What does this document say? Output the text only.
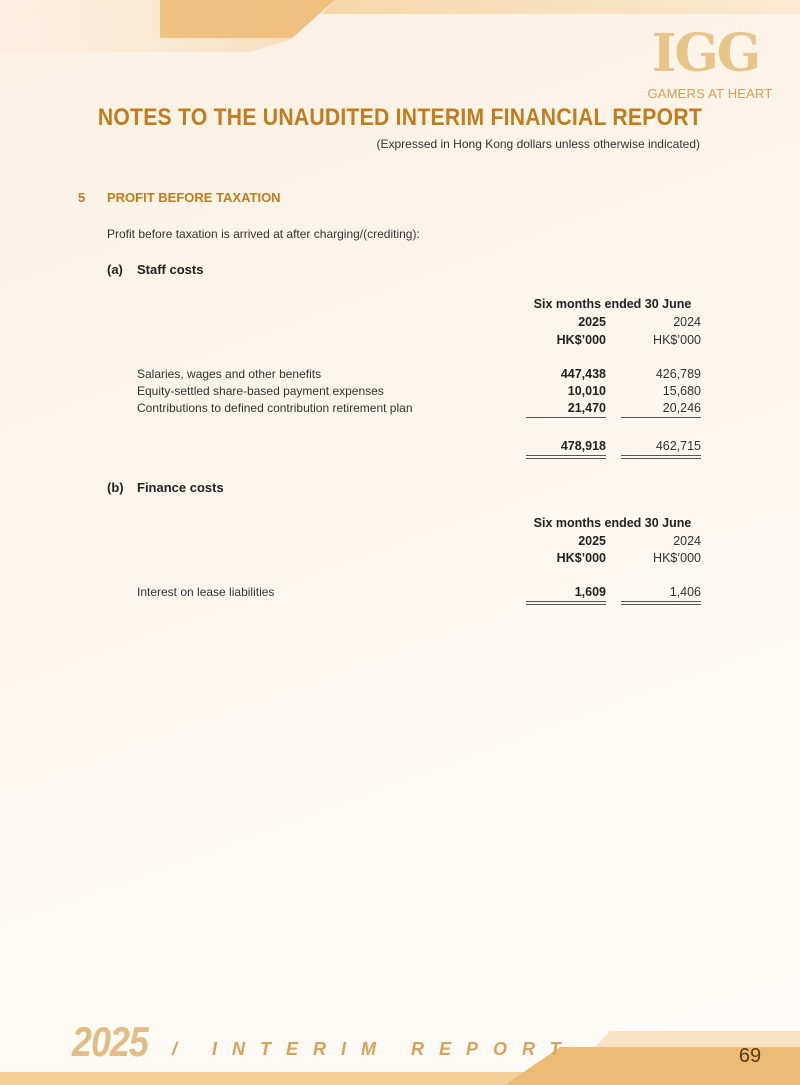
IGG
GAMERS AT HEART
NOTES TO THE UNAUDITED INTERIM FINANCIAL REPORT
(Expressed in Hong Kong dollars unless otherwise indicated)
5 PROFIT BEFORE TAXATION
Profit before taxation is arrived at after charging/(crediting):
(a) Staff costs
Six months ended 30 June
2025	2024
HK$’000	HK$’000
Salaries, wages and other benefits	447,438	426,789
Equity-settled share-based payment expenses	10,010	15,680
Contributions to defined contribution retirement plan	21,470	20,246
478,918	462,715
(b) Finance costs
Six months ended 30 June
2025	2024
HK$’000	HK$’000
Interest on lease liabilities	1,609	1,406
2025 / INTERIM REPORT	69
